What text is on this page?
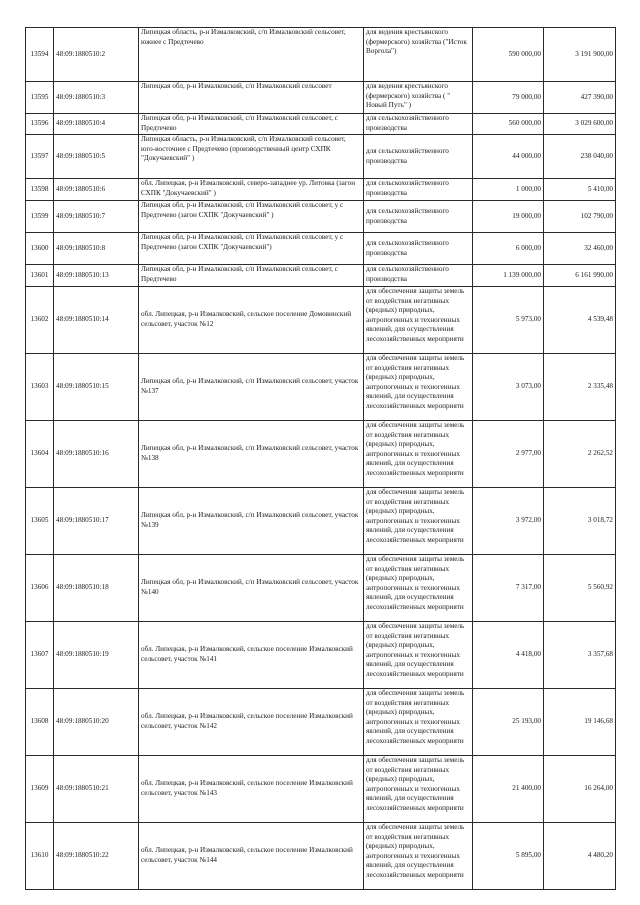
13594	48:09:1880510:2	Липецкая область, р-н Измалковский, с/п Измалковский сельсовет, южнее с Предтечево	для ведения крестьянского (фермерского) хозяйства ("Исток Воргола")	590 000,00	3 191 900,00
13595	48:09:1880510:3	Липецкая обл, р-н Измалковский, с/п Измалковский сельсовет	для ведения крестьянского (фермерского) хозяйства ( " Новый Путь" )	79 000,00	427 390,00
13596	48:09:1880510:4	Липецкая обл, р-н Измалковский, с/п Измалковский сельсовет, с Предтечево	для сельскохозяйственного производства	560 000,00	3 029 600,00
13597	48:09:1880510:5	Липецкая область, р-н Измалковский, с/п Измалковский сельсовет, юго-восточнее с Предтечево (производственный центр СХПК "Докучаевский" )	для сельскохозяйственного производства	44 000,00	238 040,00
13598	48:09:1880510:6	обл. Липецкая, р-н Измалковский, северо-западнее ур. Литовка (загон СХПК "Докучаевский" )	для сельскохозяйственного производства	1 000,00	5 410,00
13599	48:09:1880510:7	Липецкая обл, р-н Измалковский, с/п Измалковский сельсовет, у с Предтечево (загон СХПК "Докучаевский" )	для сельскохозяйственного производства	19 000,00	102 790,00
13600	48:09:1880510:8	Липецкая обл, р-н Измалковский, с/п Измалковский сельсовет, у с Предтечево (загон СХПК "Докучаевский")	для сельскохозяйственного производства	6 000,00	32 460,00
13601	48:09:1880510:13	Липецкая обл, р-н Измалковский, с/п Измалковский сельсовет, с Предтечево	для сельскохозяйственного производства	1 139 000,00	6 161 990,00
13602	48:09:1880510:14	обл. Липецкая, р-н Измалковский, сельское поселение Домовинский сельсовет, участок №12	для обеспечения защиты земель от воздействия негативных (вредных) природных, антропогенных и техногенных явлений, для осуществления лесохозяйственных мероприяти	5 973,00	4 539,48
13603	48:09:1880510:15	Липецкая обл, р-н Измалковский, с/п Измалковский сельсовет, участок №137	для обеспечения защиты земель от воздействия негативных (вредных) природных, антропогенных и техногенных явлений, для осуществления лесохозяйственных мероприяти	3 073,00	2 335,48
13604	48:09:1880510:16	Липецкая обл, р-н Измалковский, с/п Измалковский сельсовет, участок №138	для обеспечения защиты земель от воздействия негативных (вредных) природных, антропогенных и техногенных явлений, для осуществления лесохозяйственных мероприяти	2 977,00	2 262,52
13605	48:09:1880510:17	Липецкая обл, р-н Измалковский, с/п Измалковский сельсовет, участок №139	для обеспечения защиты земель от воздействия негативных (вредных) природных, антропогенных и техногенных явлений, для осуществления лесохозяйственных мероприяти	3 972,00	3 018,72
13606	48:09:1880510:18	Липецкая обл, р-н Измалковский, с/п Измалковский сельсовет, участок №140	для обеспечения защиты земель от воздействия негативных (вредных) природных, антропогенных и техногенных явлений, для осуществления лесохозяйственных мероприяти	7 317,00	5 560,92
13607	48:09:1880510:19	обл. Липецкая, р-н Измалковский, сельское поселение Измалковский сельсовет, участок №141	для обеспечения защиты земель от воздействия негативных (вредных) природных, антропогенных и техногенных явлений, для осуществления лесохозяйственных мероприяти	4 418,00	3 357,68
13608	48:09:1880510:20	обл. Липецкая, р-н Измалковский, сельское поселение Измалковский сельсовет, участок №142	для обеспечения защиты земель от воздействия негативных (вредных) природных, антропогенных и техногенных явлений, для осуществления лесохозяйственных мероприяти	25 193,00	19 146,68
13609	48:09:1880510:21	обл. Липецкая, р-н Измалковский, сельское поселение Измалковский сельсовет, участок №143	для обеспечения защиты земель от воздействия негативных (вредных) природных, антропогенных и техногенных явлений, для осуществления лесохозяйственных мероприяти	21 400,00	16 264,00
13610	48:09:1880510:22	обл. Липецкая, р-н Измалковский, сельское поселение Измалковский сельсовет, участок №144	для обеспечения защиты земель от воздействия негативных (вредных) природных, антропогенных и техногенных явлений, для осуществления лесохозяйственных мероприяти	5 895,00	4 480,20
